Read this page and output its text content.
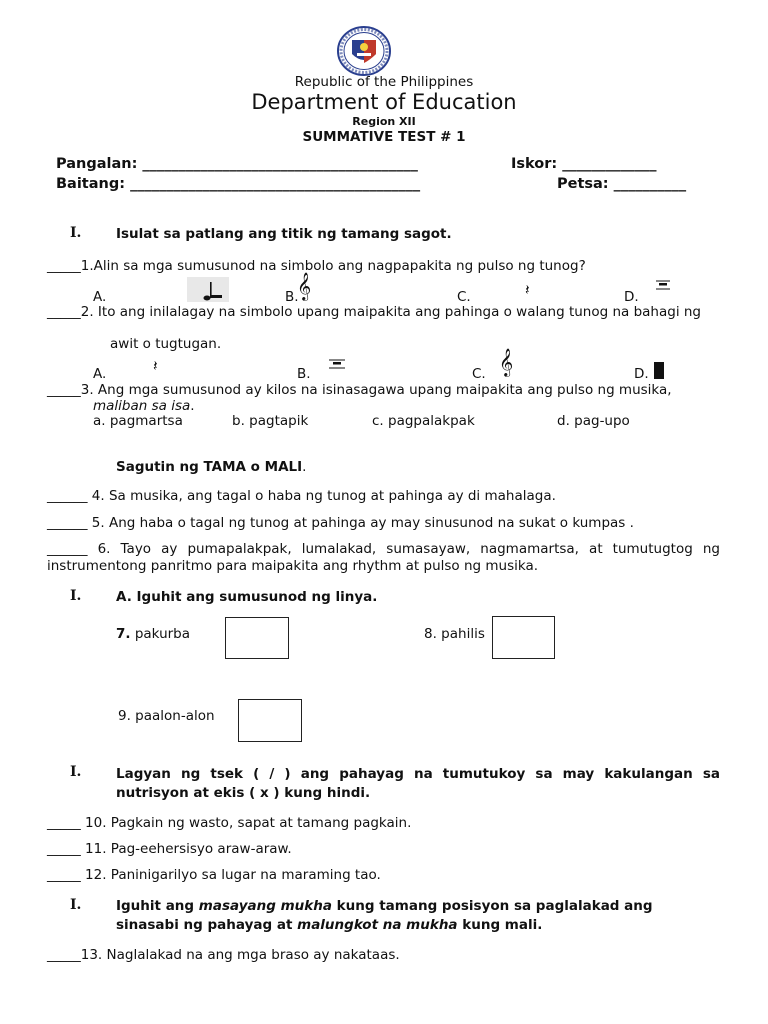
Republic of the Philippines
Department of Education
Region XII
SUMMATIVE TEST # 1
Pangalan: ______________________________________	Iskor: _____________
Baitang: ________________________________________	Petsa: __________
I.	Isulat sa patlang ang titik ng tamang sagot.
_____1.Alin sa mga sumusunod na simbolo ang nagpapakita ng pulso ng tunog?
A.	B.
𝄞	C.	𝄽	D.
_____2. Ito ang inilalagay na simbolo upang maipakita ang pahinga o walang tunog na bahagi ng
awit o tugtugan.
A.	𝄽	B.	C. 𝄞	D.
_____3. Ang mga sumusunod ay kilos na isinasagawa upang maipakita ang pulso ng musika,
maliban sa isa.
a. pagmartsa	b. pagtapik	c. pagpalakpak	d. pag-upo
Sagutin ng TAMA o MALI.
______ 4. Sa musika, ang tagal o haba ng tunog at pahinga ay di mahalaga.
______ 5. Ang haba o tagal ng tunog at pahinga ay may sinusunod na sukat o kumpas .
______ 6. Tayo ay pumapalakpak, lumalakad, sumasayaw, nagmamartsa, at tumutugtog ng instrumentong panritmo para maipakita ang rhythm at pulso ng musika.
I.	A. Iguhit ang sumusunod ng linya.
7. pakurba	8. pahilis
9. paalon-alon
I.	Lagyan ng tsek ( / ) ang pahayag na tumutukoy sa may kakulangan sa nutrisyon at ekis ( x ) kung hindi.
_____ 10. Pagkain ng wasto, sapat at tamang pagkain.
_____ 11. Pag-eehersisyo araw-araw.
_____ 12. Paninigarilyo sa lugar na maraming tao.
I.	Iguhit ang masayang mukha kung tamang posisyon sa paglalakad ang
sinasabi ng pahayag at malungkot na mukha kung mali.
_____13. Naglalakad na ang mga braso ay nakataas.
